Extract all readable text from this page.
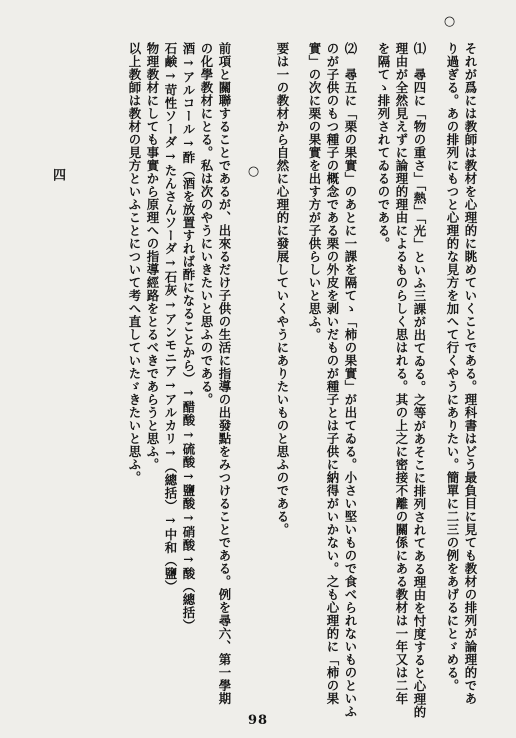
○
それが爲には教師は教材を心理的に眺めていくことである。理科書はどう最負目に見ても教材の排列が論理的であ
り過ぎる。あの排列にもつと心理的な見方を加へて行くやうにありたい。簡單に二三の例をあげるにとゞめる。
⑴　尋四に「物の重さ」「熱」「光」といふ三課が出てゐる。之等があそこに排列されてある理由を忖度すると心理的
理由が全然見えずに論理的理由によるものらしく思はれる。其の上之に密接不離の關係にある教材は一年又は二年
を隔てゝ排列されてゐるのである。
⑵　尋五に「栗の果實」のあとに一課を隔てゝ「柿の果實」が出てゐる。小さい堅いもので食べられないものといふ
のが子供のもつ種子の概念である栗の外皮を剥いだものが種子とは子供に納得がいかない。之も心理的に「柿の果
實」の次に栗の果實を出す方が子供らしいと思ふ。
要は一の教材から自然に心理的に發展していくやうにありたいものと思ふのである。
○
前項と關聯することであるが、出來るだけ子供の生活に指導の出發點をみつけることである。例を尋六、第一學期
の化學教材にとる。私は次のやうにいきたいと思ふのである。
酒→アルコール→酢（酒を放置すれば酢になることから）→醋酸→硫酸→鹽酸→硝酸→酸（總括）
石鹸→苛性ソーダ→たんさんソーダ→石灰→アンモニア→アルカリ→（總括）→中和（鹽）
物理教材にしても事實から原理への指導經路をとるべきであらうと思ふ。
以上教師は教材の見方といふことについて考へ直していたゞきたいと思ふ。
四
98
